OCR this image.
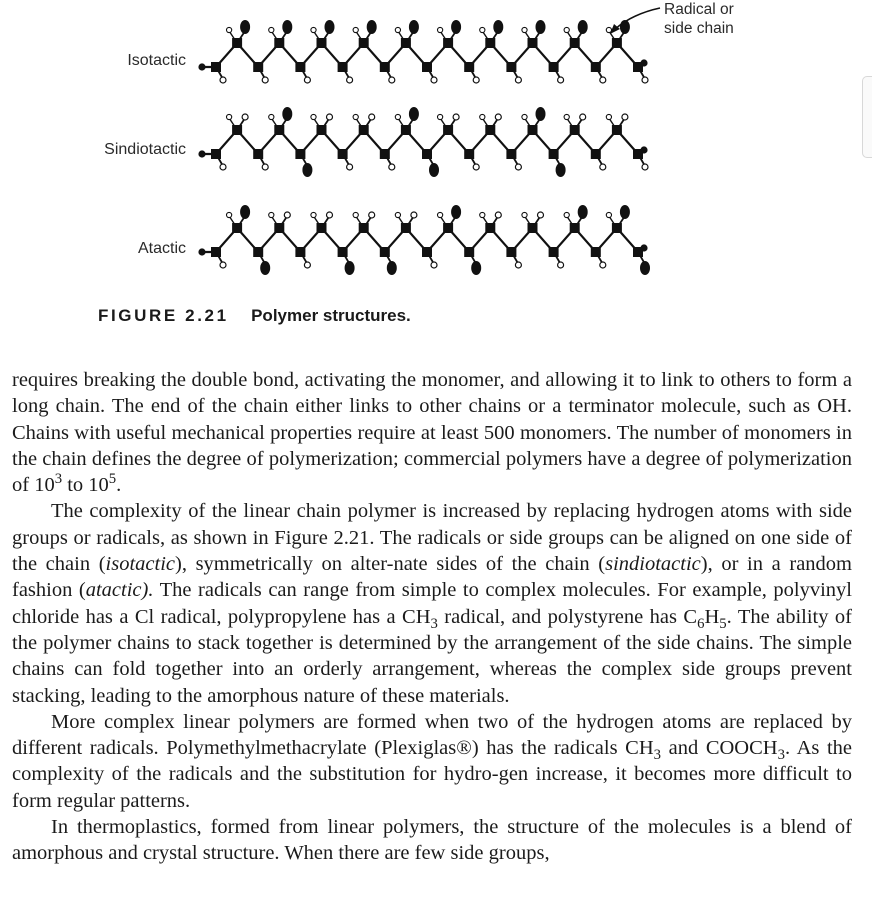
Isotactic
Sindiotactic
Atactic
Radical or
side chain
FIGURE 2.21 Polymer structures.

requires breaking the double bond, activating the monomer, and allowing it to link to others to form a long chain. The end of the chain either links to other chains or a terminator molecule, such as OH. Chains with useful mechanical properties require at least 500 monomers. The number of monomers in the chain defines the degree of polymerization; commercial polymers have a degree of polymerization of $10^3$ to $10^5$.

The complexity of the linear chain polymer is increased by replacing hydrogen atoms with side groups or radicals, as shown in Figure 2.21. The radicals or side groups can be aligned on one side of the chain (isotactic), symmetrically on alter-nate sides of the chain (sindiotactic), or in a random fashion (atactic). The radicals can range from simple to complex molecules. For example, polyvinyl chloride has a Cl radical, polypropylene has a $CH_3$ radical, and polystyrene has $C_6H_5$. The ability of the polymer chains to stack together is determined by the arrangement of the side chains. The simple chains can fold together into an orderly arrangement, whereas the complex side groups prevent stacking, leading to the amorphous nature of these materials.

More complex linear polymers are formed when two of the hydrogen atoms are replaced by different radicals. Polymethylmethacrylate (Plexiglas®) has the radicals $CH_3$ and $COOCH_3$. As the complexity of the radicals and the substitution for hydro-gen increase, it becomes more difficult to form regular patterns.

In thermoplastics, formed from linear polymers, the structure of the molecules is a blend of amorphous and crystal structure. When there are few side groups,
